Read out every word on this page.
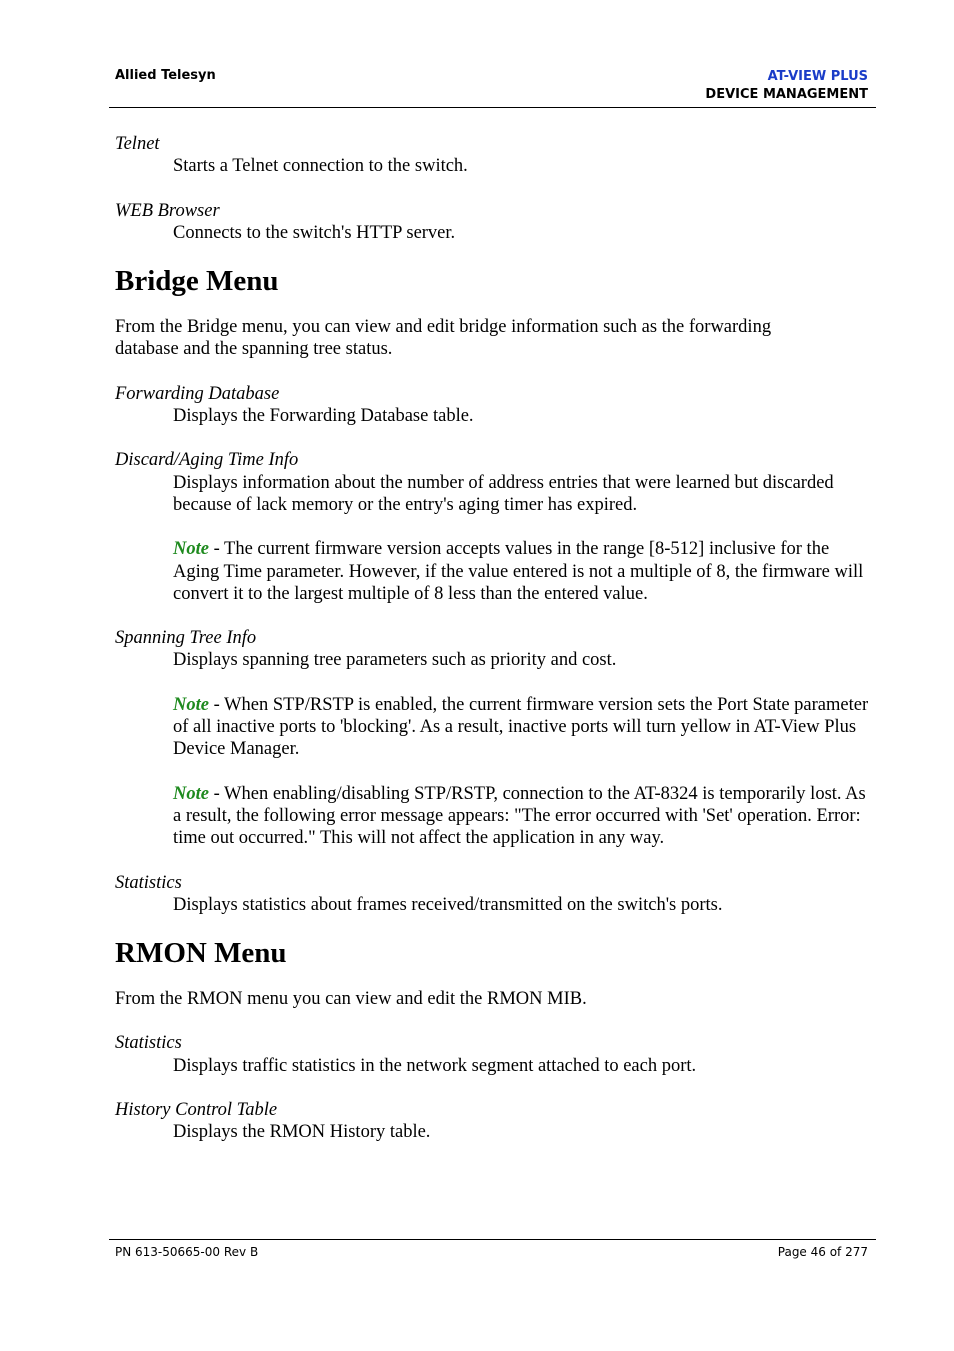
Allied Telesyn	AT-VIEW PLUS
DEVICE MANAGEMENT

Telnet

Starts a Telnet connection to the switch.

WEB Browser

Connects to the switch's HTTP server.

Bridge Menu

From the Bridge menu, you can view and edit bridge information such as the forwarding database and the spanning tree status.

Forwarding Database

Displays the Forwarding Database table.

Discard/Aging Time Info

Displays information about the number of address entries that were learned but discarded because of lack memory or the entry's aging timer has expired.

Note - The current firmware version accepts values in the range [8-512] inclusive for the Aging Time parameter. However, if the value entered is not a multiple of 8, the firmware will convert it to the largest multiple of 8 less than the entered value.

Spanning Tree Info

Displays spanning tree parameters such as priority and cost.

Note - When STP/RSTP is enabled, the current firmware version sets the Port State parameter of all inactive ports to 'blocking'. As a result, inactive ports will turn yellow in AT-View Plus Device Manager.

Note - When enabling/disabling STP/RSTP, connection to the AT-8324 is temporarily lost. As a result, the following error message appears: "The error occurred with 'Set' operation. Error: time out occurred." This will not affect the application in any way.

Statistics

Displays statistics about frames received/transmitted on the switch's ports.

RMON Menu

From the RMON menu you can view and edit the RMON MIB.

Statistics

Displays traffic statistics in the network segment attached to each port.

History Control Table

Displays the RMON History table.

PN 613-50665-00 Rev B	Page 46 of 277
